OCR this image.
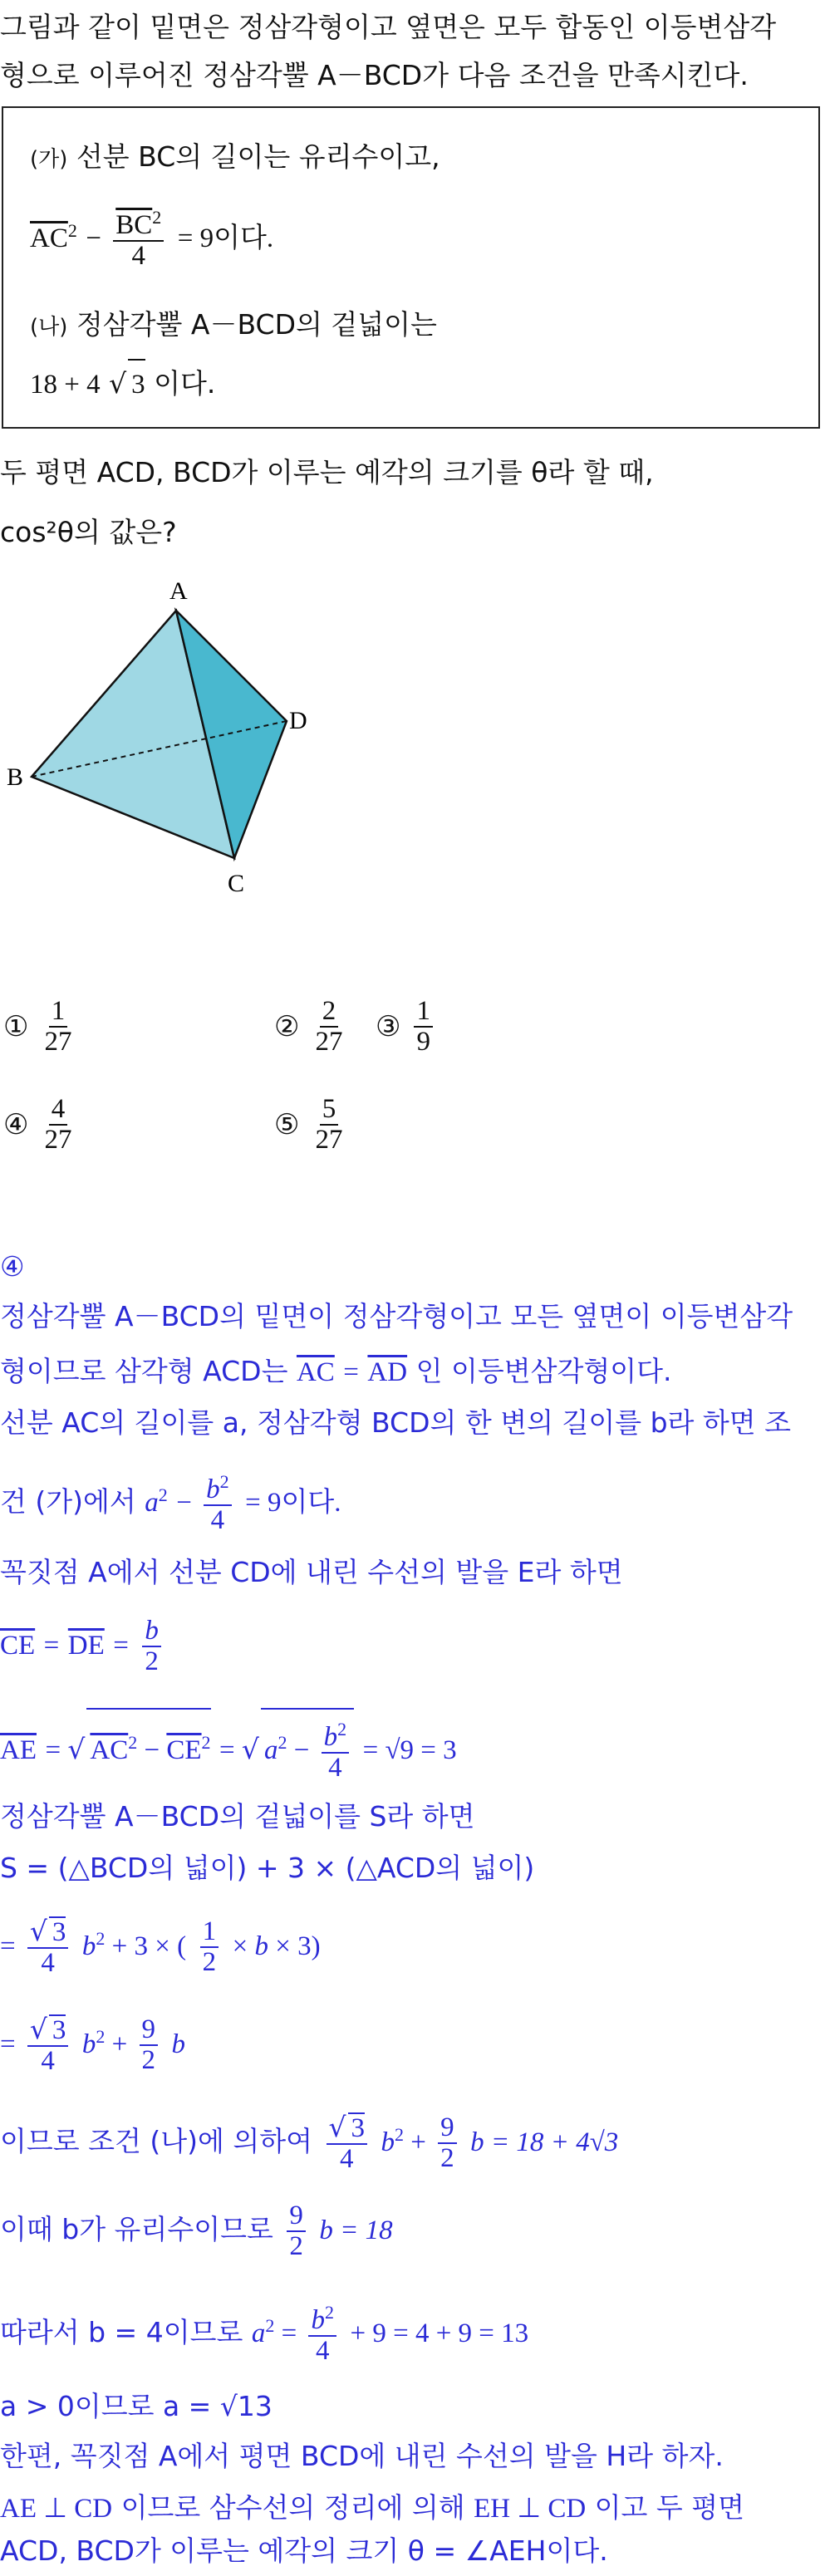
그림과 같이 밑면은 정삼각형이고 옆면은 모두 합동인 이등변삼각
형으로 이루어진 정삼각뿔 A－BCD가 다음 조건을 만족시킨다.
(가) 선분 BC의 길이는 유리수이고,
$\overline{AC}^2 - \frac{\overline{BC}^2}{4} = 9$이다.
(나) 정삼각뿔 A－BCD의 겉넓이는
18 + 4 √ 3 이다.
두 평면 ACD, BCD가 이루는 예각의 크기를 θ라 할 때,
cos²θ의 값은?
A
B
C
D
① $\frac{1}{27}$	② $\frac{2}{27}$ ③ $\frac{1}{9}$
④ $\frac{4}{27}$	⑤ $\frac{5}{27}$
④
정삼각뿔 A－BCD의 밑면이 정삼각형이고 모든 옆면이 이등변삼각
형이므로 삼각형 ACD는 $\overline{AC} = \overline{AD}$ 인 이등변삼각형이다.
선분 AC의 길이를 a, 정삼각형 BCD의 한 변의 길이를 b라 하면 조
건 (가)에서 $a^2 - \frac{b^2}{4} = 9$이다.
꼭짓점 A에서 선분 CD에 내린 수선의 발을 E라 하면
$\overline{CE} = \overline{DE} = \frac{b}{2}$
$\overline{AE}$ = √ $AC^2 - \overline{CE}^2$ = √ $a^2 - \frac{b^2}{4} = √9 = 3$
정삼각뿔 A－BCD의 겉넓이를 S라 하면
S = (△BCD의 넓이) + 3 × (△ACD의 넓이)
= $\frac{√ 3}{4} b^2 + 3$ × ( $\frac{1}{2} \times b \times 3$)
= $\frac{√ 3}{4} b^2 + \frac{9}{2}$ b
이므로 조건 (나)에 의하여 $\frac{√ 3}{4} b^2 + \frac{9}{2}$ b = 18 + 4√3
이때 b가 유리수이므로 $\frac{9}{2}$ b = 18
따라서 b = 4이므로 $a^2 = \frac{b^2}{4} + 9 = 4 + 9 = 13$
a > 0이므로 a = √13
한편, 꼭짓점 A에서 평면 BCD에 내린 수선의 발을 H라 하자.
AE ⊥ CD 이므로 삼수선의 정리에 의해 EH ⊥ CD 이고 두 평면
ACD, BCD가 이루는 예각의 크기 θ = ∠AEH이다.
